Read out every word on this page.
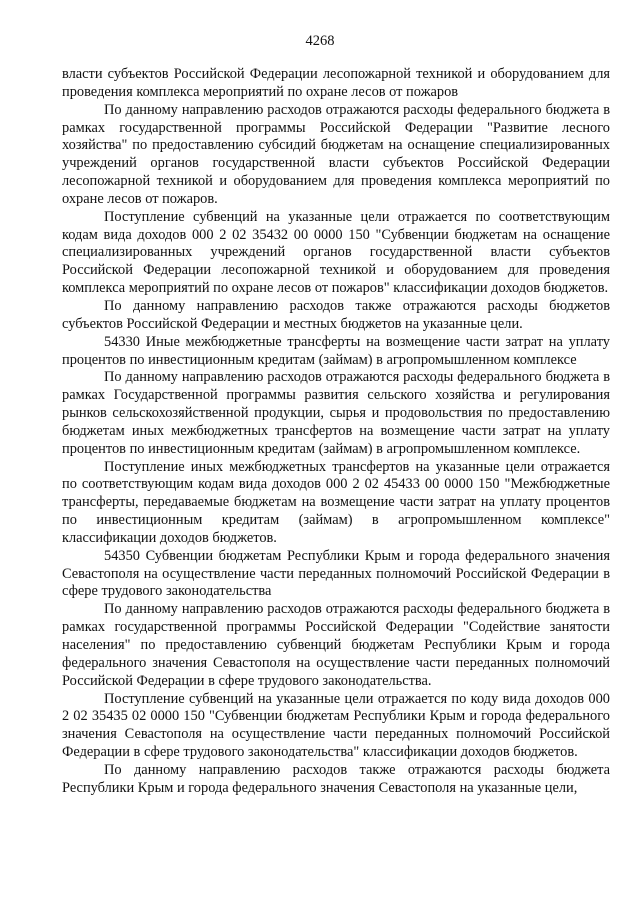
4268

власти субъектов Российской Федерации лесопожарной техникой и оборудованием для проведения комплекса мероприятий по охране лесов от пожаров

По данному направлению расходов отражаются расходы федерального бюджета в рамках государственной программы Российской Федерации "Развитие лесного хозяйства" по предоставлению субсидий бюджетам на оснащение специализированных учреждений органов государственной власти субъектов Российской Федерации лесопожарной техникой и оборудованием для проведения комплекса мероприятий по охране лесов от пожаров.

Поступление субвенций на указанные цели отражается по соответствующим кодам вида доходов 000 2 02 35432 00 0000 150 "Субвенции бюджетам на оснащение специализированных учреждений органов государственной власти субъектов Российской Федерации лесопожарной техникой и оборудованием для проведения комплекса мероприятий по охране лесов от пожаров" классификации доходов бюджетов.

По данному направлению расходов также отражаются расходы бюджетов субъектов Российской Федерации и местных бюджетов на указанные цели.

54330 Иные межбюджетные трансферты на возмещение части затрат на уплату процентов по инвестиционным кредитам (займам) в агропромышленном комплексе

По данному направлению расходов отражаются расходы федерального бюджета в рамках Государственной программы развития сельского хозяйства и регулирования рынков сельскохозяйственной продукции, сырья и продовольствия по предоставлению бюджетам иных межбюджетных трансфертов на возмещение части затрат на уплату процентов по инвестиционным кредитам (займам) в агропромышленном комплексе.

Поступление иных межбюджетных трансфертов на указанные цели отражается по соответствующим кодам вида доходов 000 2 02 45433 00 0000 150 "Межбюджетные трансферты, передаваемые бюджетам на возмещение части затрат на уплату процентов по инвестиционным кредитам (займам) в агропромышленном комплексе" классификации доходов бюджетов.

54350 Субвенции бюджетам Республики Крым и города федерального значения Севастополя на осуществление части переданных полномочий Российской Федерации в сфере трудового законодательства

По данному направлению расходов отражаются расходы федерального бюджета в рамках государственной программы Российской Федерации "Содействие занятости населения" по предоставлению субвенций бюджетам Республики Крым и города федерального значения Севастополя на осуществление части переданных полномочий Российской Федерации в сфере трудового законодательства.

Поступление субвенций на указанные цели отражается по коду вида доходов 000 2 02 35435 02 0000 150 "Субвенции бюджетам Республики Крым и города федерального значения Севастополя на осуществление части переданных полномочий Российской Федерации в сфере трудового законодательства" классификации доходов бюджетов.

По данному направлению расходов также отражаются расходы бюджета Республики Крым и города федерального значения Севастополя на указанные цели,
